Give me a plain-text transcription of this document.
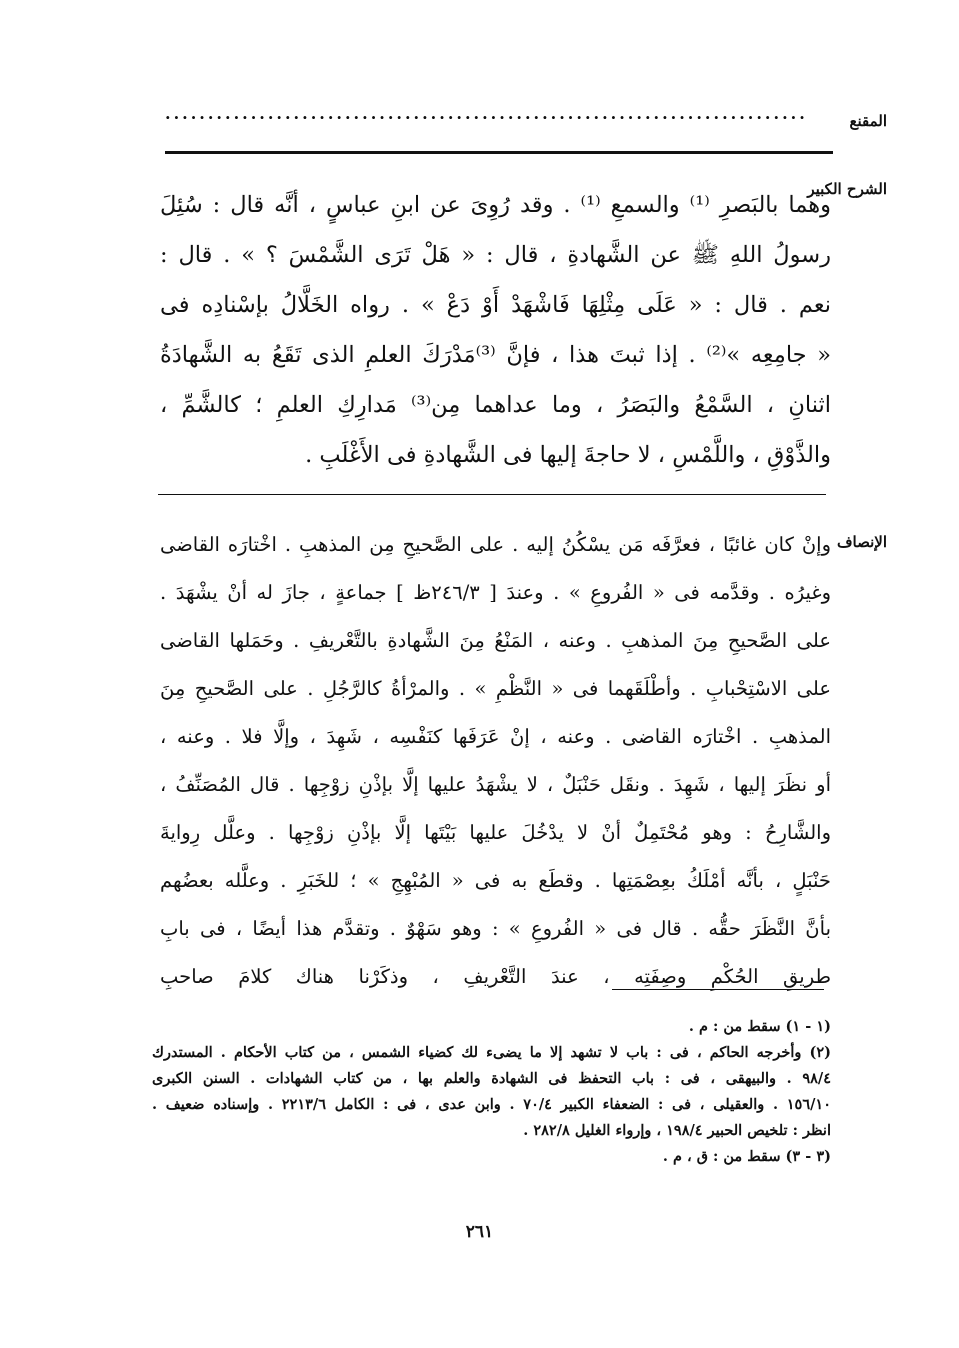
المقنع
...........................................................................
الشرح الكبير
وهما بالبَصرِ ⁽¹⁾ والسمعِ ⁽¹⁾ . وقد رُوِىَ عن ابنِ عباسٍ ، أنَّه قال : سُئِلَ
رسولُ اللهِ ﷺ عن الشَّهادةِ ، قال : « هَلْ تَرَى الشَّمْسَ ؟ » . قال :
نعم . قال : « عَلَى مِثْلِهَا فَاشْهَدْ أَوْ دَعْ » . رواه الخَلَّالُ بإسْنادِه فى
« جامِعِه »⁽²⁾ . إذا ثبتَ هذا ، فإنَّ ⁽³⁾مَدْرَكَ العلمِ الذى تَقَعُ به الشَّهادَةُ
اثنانِ ، السَّمْعُ والبَصَرُ ، وما عداهما مِن⁽³⁾ مَدارِكِ العلمِ ؛ كالشَّمِّ ،
والذَّوْقِ ، واللَّمْسِ ، لا حاجةَ إليها فى الشَّهادةِ فى الأَغْلَبِ .
الإنصاف
وإنْ كان غائبًا ، فعرَّفَه مَن يسْكُنُ إليه . على الصَّحيحِ مِن المذهبِ . اخْتارَه القاضى
وغيرُه . وقدَّمه فى « الفُروعِ » . وعندَ [ ٢٤٦/٣ظ ] جماعةٍ ، جازَ له أنْ يشْهَدَ .
على الصَّحيحِ مِنَ المذهبِ . وعنه ، المَنْعُ مِنَ الشَّهادةِ بالتَّعْريفِ . وحَمَلها القاضى
على الاسْتِحْبابِ . وأطْلَقَهما فى « النَّظْمِ » . والمرْأةُ كالرَّجُلِ . على الصَّحيحِ مِنَ
المذهبِ . اخْتارَه القاضى . وعنه ، إنْ عَرَفَها كنَفْسِه ، شَهِدَ ، وإلَّا فلا . وعنه ،
أو نظَرَ إليها ، شَهِدَ . ونقَل حَنْبَلٌ ، لا يشْهَدُ عليها إلَّا بإذْنِ زوْجِها . قال المُصَنِّفُ ،
والشَّارِحُ : وهو مُحْتَمِلٌ أنْ لا يدْخُلَ عليها بَيْتَها إلَّا بإذْنِ زوْجِها . وعلَّل رِوايةَ
حَنْبَلٍ ، بأنَّه أمْلَكُ بعِصْمَتِها . وقطَع به فى « المُبْهِجِ » ؛ للخَبَرِ . وعلَّله بعضُهم
بأنَّ النَّظَرَ حقُّه . قال فى « الفُروعِ » : وهو سَهْوٌ . وتقدَّم هذا أيضًا ، فى بابِ
طريقِ الحُكْمِ وصِفَتِه ، عندَ التَّعْريفِ ، وذكَرْنا هناك كلامَ صاحبِ
(١ - ١) سقط من : م .
(٢) وأخرجه الحاكم ، فى : باب لا تشهد إلا ما يضىء لك كضياء الشمس ، من كتاب الأحكام . المستدرك
٩٨/٤ . والبيهقى ، فى : باب التحفظ فى الشهادة والعلم بها ، من كتاب الشهادات . السنن الكبرى
١٥٦/١٠ . والعقيلى ، فى : الضعفاء الكبير ٧٠/٤ . وابن عدى ، فى : الكامل ٢٢١٣/٦ . وإسناده ضعيف .
انظر : تلخيص الحبير ١٩٨/٤ ، وإرواء الغليل ٢٨٢/٨ .
(٣ - ٣) سقط من : ق ، م .
٢٦١
